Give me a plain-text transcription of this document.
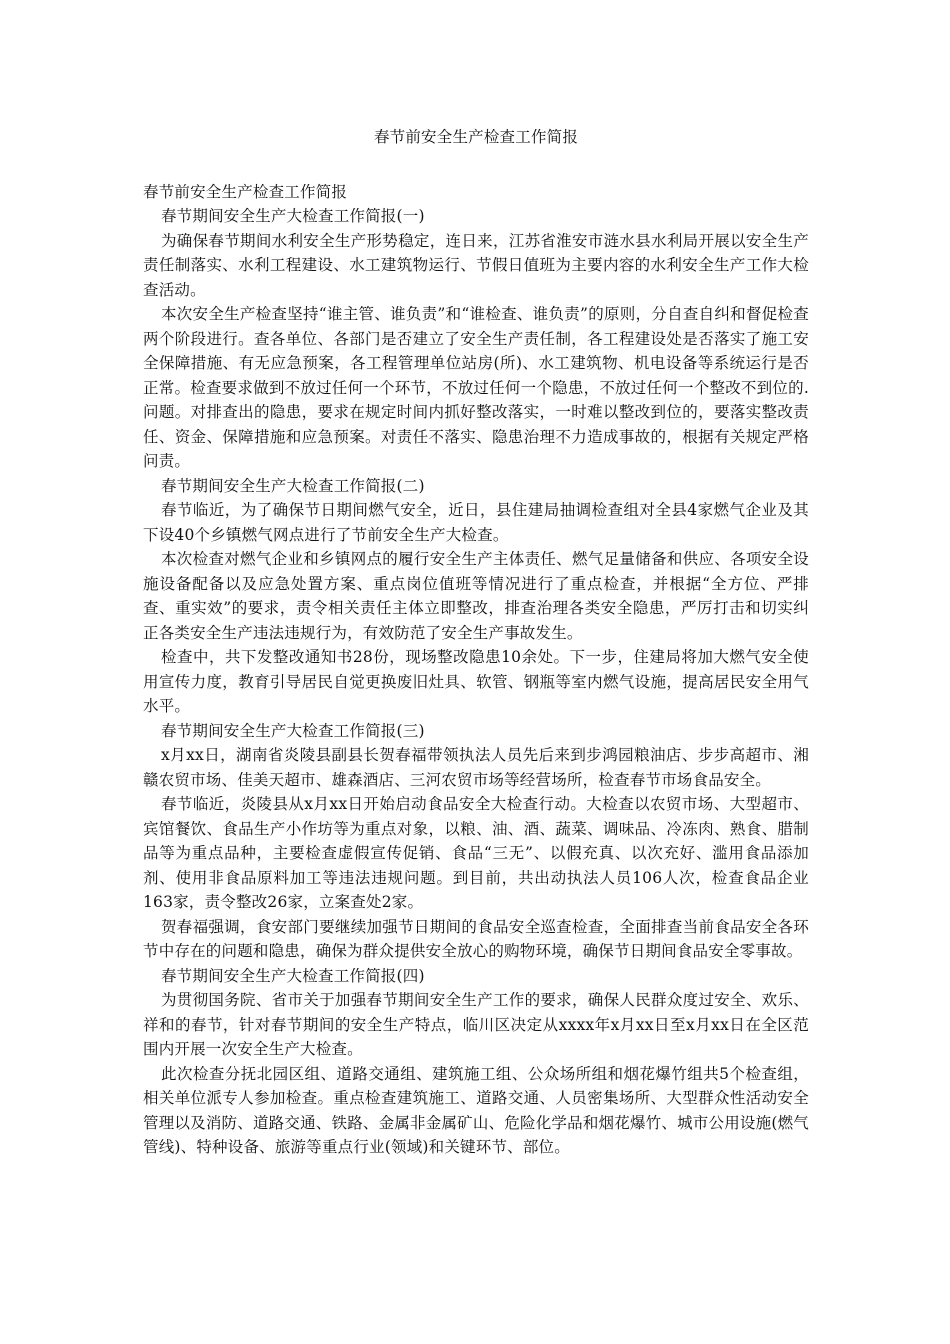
春节前安全生产检查工作简报

春节前安全生产检查工作简报

春节期间安全生产大检查工作简报(一)

为确保春节期间水利安全生产形势稳定，连日来，江苏省淮安市涟水县水利局开展以安全生产责任制落实、水利工程建设、水工建筑物运行、节假日值班为主要内容的水利安全生产工作大检查活动。

本次安全生产检查坚持“谁主管、谁负责”和“谁检查、谁负责”的原则，分自查自纠和督促检查两个阶段进行。查各单位、各部门是否建立了安全生产责任制，各工程建设处是否落实了施工安全保障措施、有无应急预案，各工程管理单位站房(所)、水工建筑物、机电设备等系统运行是否正常。检查要求做到不放过任何一个环节，不放过任何一个隐患，不放过任何一个整改不到位的.问题。对排查出的隐患，要求在规定时间内抓好整改落实，一时难以整改到位的，要落实整改责任、资金、保障措施和应急预案。对责任不落实、隐患治理不力造成事故的，根据有关规定严格问责。

春节期间安全生产大检查工作简报(二)

春节临近，为了确保节日期间燃气安全，近日，县住建局抽调检查组对全县4家燃气企业及其下设40个乡镇燃气网点进行了节前安全生产大检查。

本次检查对燃气企业和乡镇网点的履行安全生产主体责任、燃气足量储备和供应、各项安全设施设备配备以及应急处置方案、重点岗位值班等情况进行了重点检查，并根据“全方位、严排查、重实效”的要求，责令相关责任主体立即整改，排查治理各类安全隐患，严厉打击和切实纠正各类安全生产违法违规行为，有效防范了安全生产事故发生。

检查中，共下发整改通知书28份，现场整改隐患10余处。下一步，住建局将加大燃气安全使用宣传力度，教育引导居民自觉更换废旧灶具、软管、钢瓶等室内燃气设施，提高居民安全用气水平。

春节期间安全生产大检查工作简报(三)

x月xx日，湖南省炎陵县副县长贺春福带领执法人员先后来到步鸿园粮油店、步步高超市、湘赣农贸市场、佳美天超市、雄森酒店、三河农贸市场等经营场所，检查春节市场食品安全。

春节临近，炎陵县从x月xx日开始启动食品安全大检查行动。大检查以农贸市场、大型超市、宾馆餐饮、食品生产小作坊等为重点对象，以粮、油、酒、蔬菜、调味品、冷冻肉、熟食、腊制品等为重点品种，主要检查虚假宣传促销、食品“三无”、以假充真、以次充好、滥用食品添加剂、使用非食品原料加工等违法违规问题。到目前，共出动执法人员106人次，检查食品企业163家，责令整改26家，立案查处2家。

贺春福强调，食安部门要继续加强节日期间的食品安全巡查检查，全面排查当前食品安全各环节中存在的问题和隐患，确保为群众提供安全放心的购物环境，确保节日期间食品安全零事故。

春节期间安全生产大检查工作简报(四)

为贯彻国务院、省市关于加强春节期间安全生产工作的要求，确保人民群众度过安全、欢乐、祥和的春节，针对春节期间的安全生产特点，临川区决定从xxxx年x月xx日至x月xx日在全区范围内开展一次安全生产大检查。

此次检查分抚北园区组、道路交通组、建筑施工组、公众场所组和烟花爆竹组共5个检查组，相关单位派专人参加检查。重点检查建筑施工、道路交通、人员密集场所、大型群众性活动安全管理以及消防、道路交通、铁路、金属非金属矿山、危险化学品和烟花爆竹、城市公用设施(燃气管线)、特种设备、旅游等重点行业(领域)和关键环节、部位。
